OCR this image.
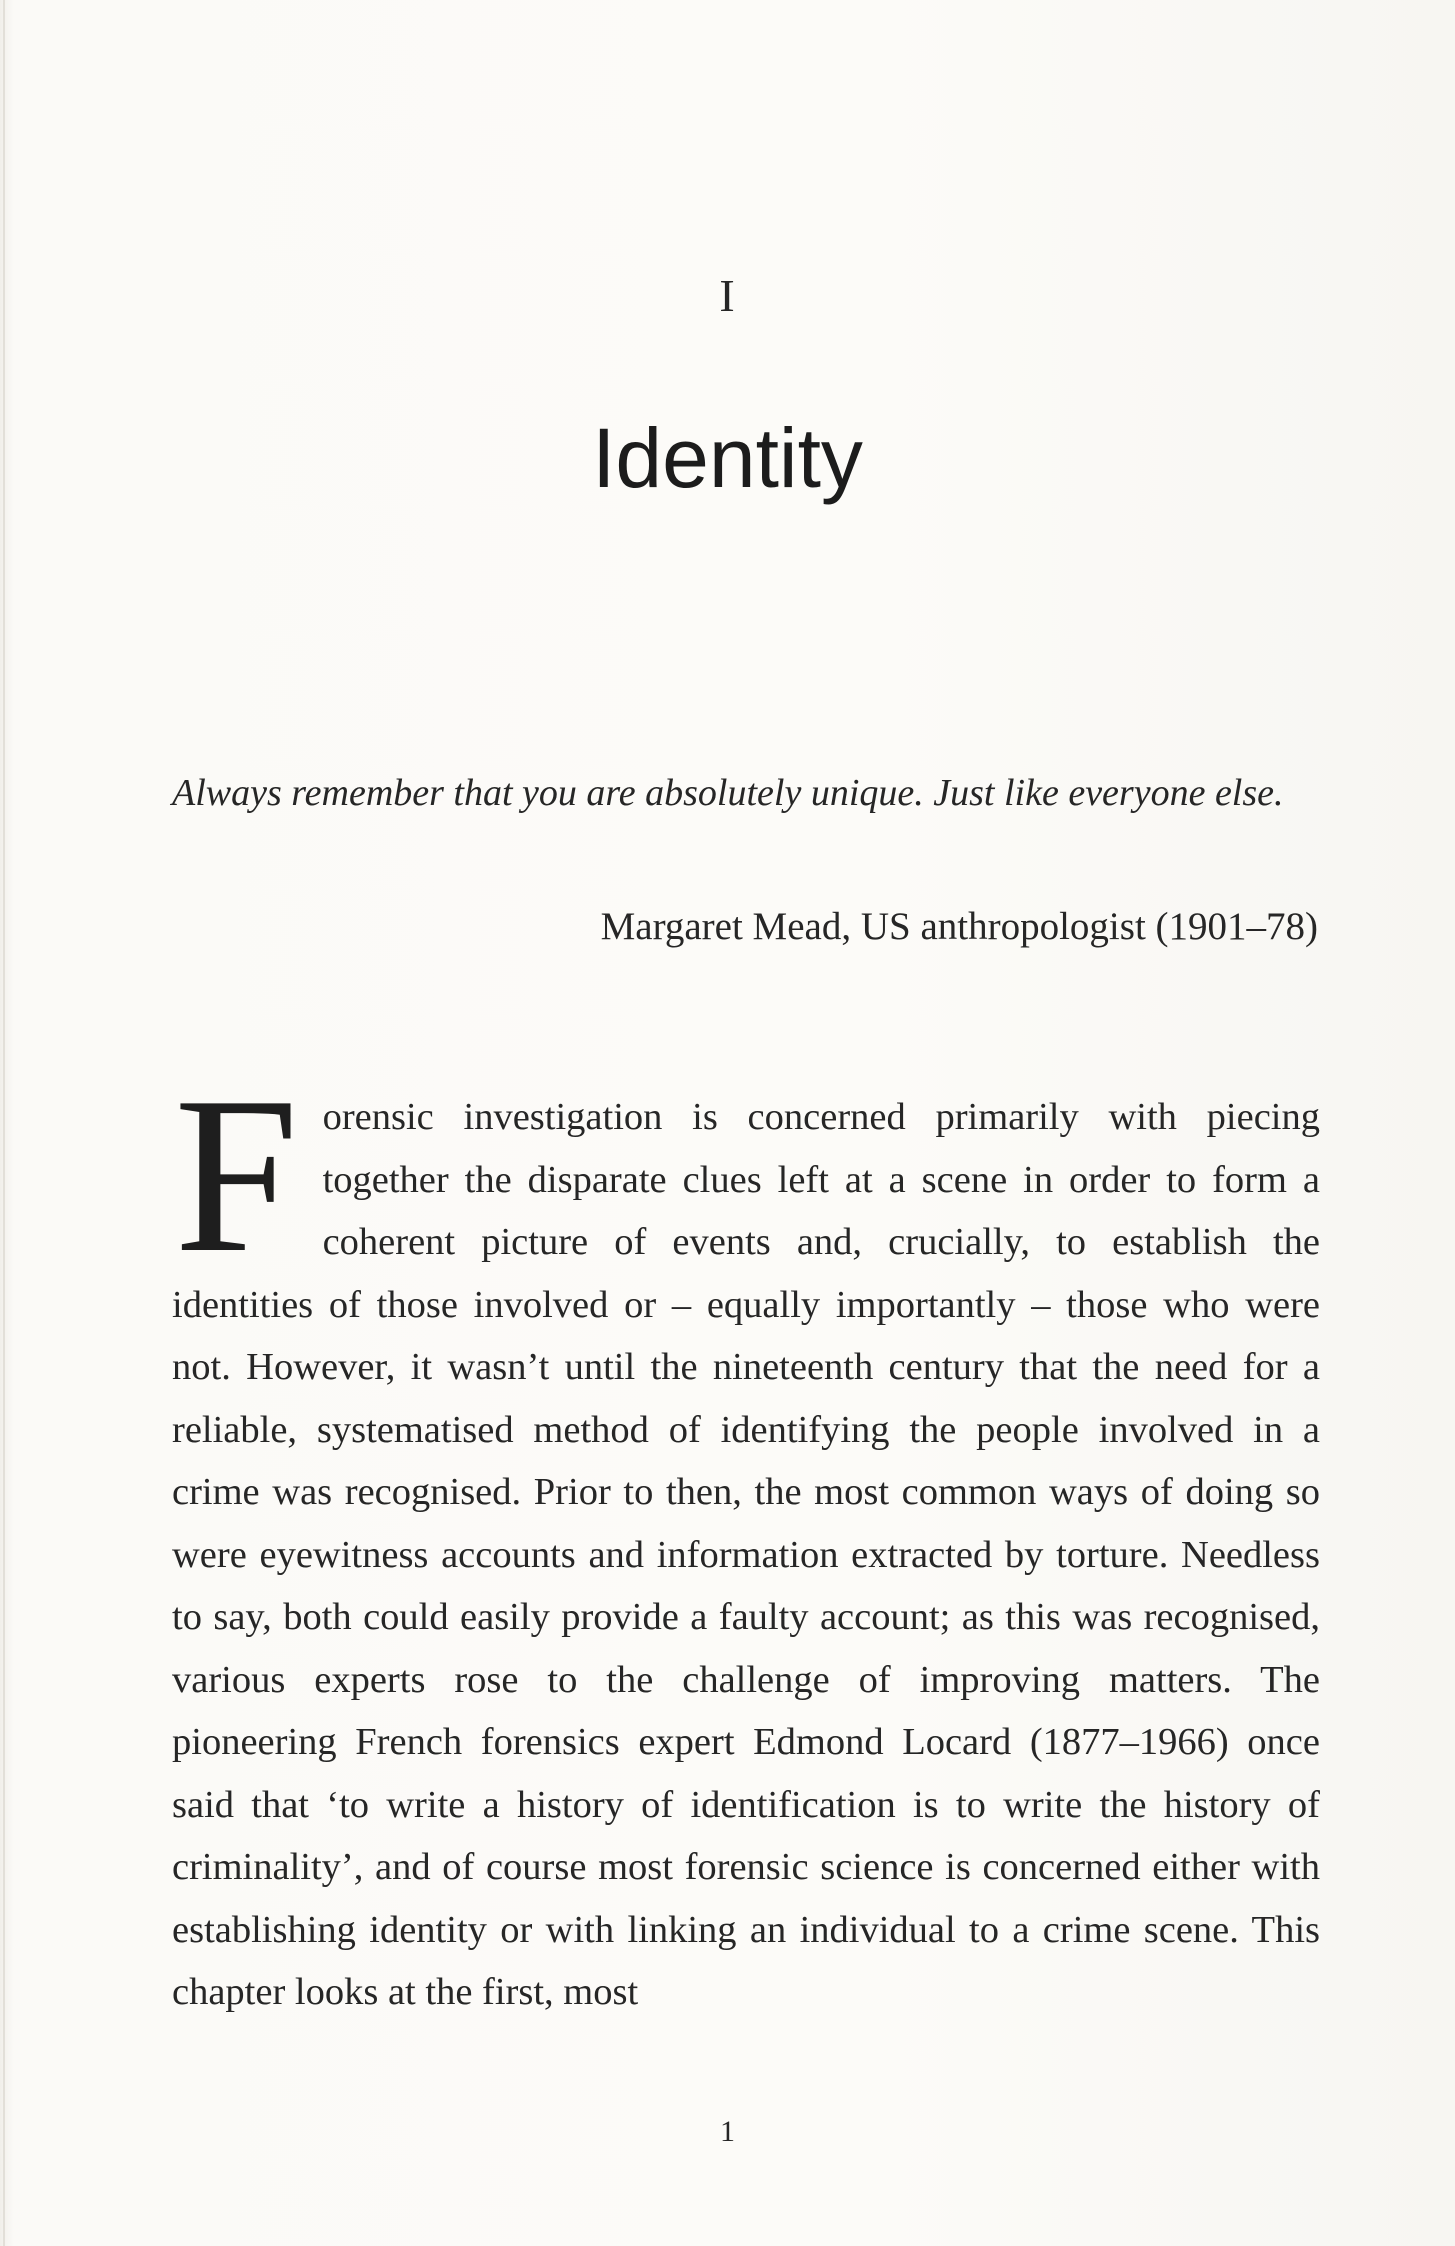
I
Identity

Always remember that you are absolutely unique. Just like everyone else.

Margaret Mead, US anthropologist (1901–78)

Forensic investigation is concerned primarily with piecing together the disparate clues left at a scene in order to form a coherent picture of events and, crucially, to establish the identities of those involved or – equally importantly – those who were not. However, it wasn’t until the nineteenth century that the need for a reliable, systematised method of identifying the people involved in a crime was recognised. Prior to then, the most common ways of doing so were eyewitness accounts and information extracted by torture. Needless to say, both could easily provide a faulty account; as this was recognised, various experts rose to the challenge of improving matters. The pioneering French forensics expert Edmond Locard (1877–1966) once said that ‘to write a history of identification is to write the history of criminality’, and of course most forensic science is concerned either with establishing identity or with linking an individual to a crime scene. This chapter looks at the first, most

1
